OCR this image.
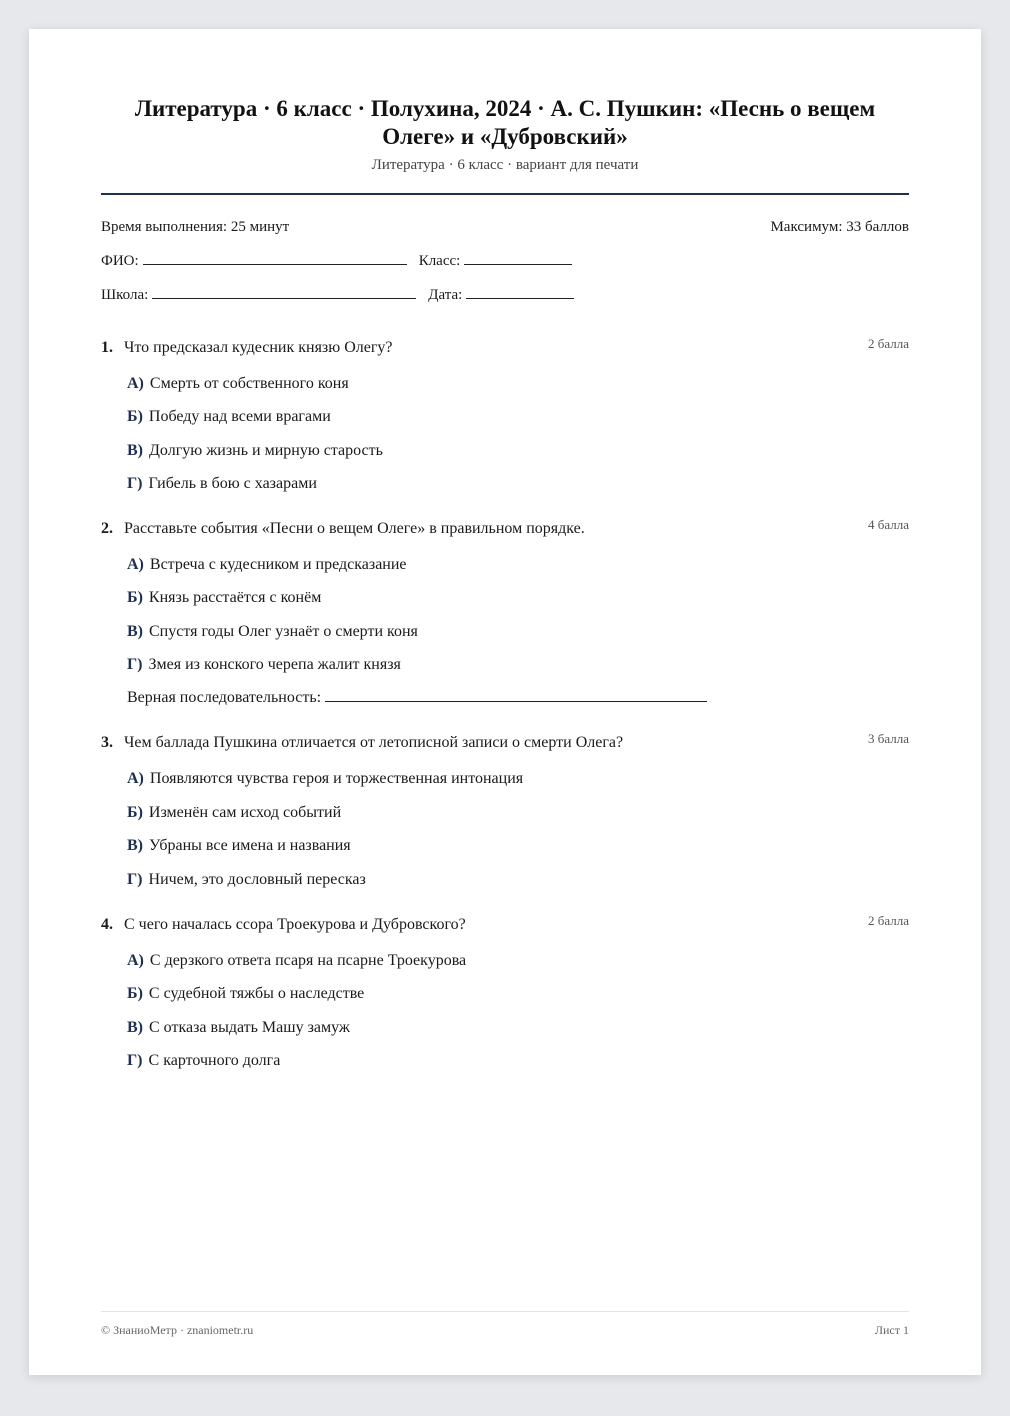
Литература · 6 класс · Полухина, 2024 · А. С. Пушкин: «Песнь о вещем Олеге» и «Дубровский»
Литература · 6 класс · вариант для печати
Время выполнения: 25 минут	Максимум: 33 баллов
ФИО:	Класс:
Школа:	Дата:
1. Что предсказал кудесник князю Олегу?	2 балла
А) Смерть от собственного коня
Б) Победу над всеми врагами
В) Долгую жизнь и мирную старость
Г) Гибель в бою с хазарами
2. Расставьте события «Песни о вещем Олеге» в правильном порядке.	4 балла
А) Встреча с кудесником и предсказание
Б) Князь расстаётся с конём
В) Спустя годы Олег узнаёт о смерти коня
Г) Змея из конского черепа жалит князя
Верная последовательность:
3. Чем баллада Пушкина отличается от летописной записи о смерти Олега?	3 балла
А) Появляются чувства героя и торжественная интонация
Б) Изменён сам исход событий
В) Убраны все имена и названия
Г) Ничем, это дословный пересказ
4. С чего началась ссора Троекурова и Дубровского?	2 балла
А) С дерзкого ответа псаря на псарне Троекурова
Б) С судебной тяжбы о наследстве
В) С отказа выдать Машу замуж
Г) С карточного долга
© ЗнаниоМетр · znaniometr.ru	Лист 1
